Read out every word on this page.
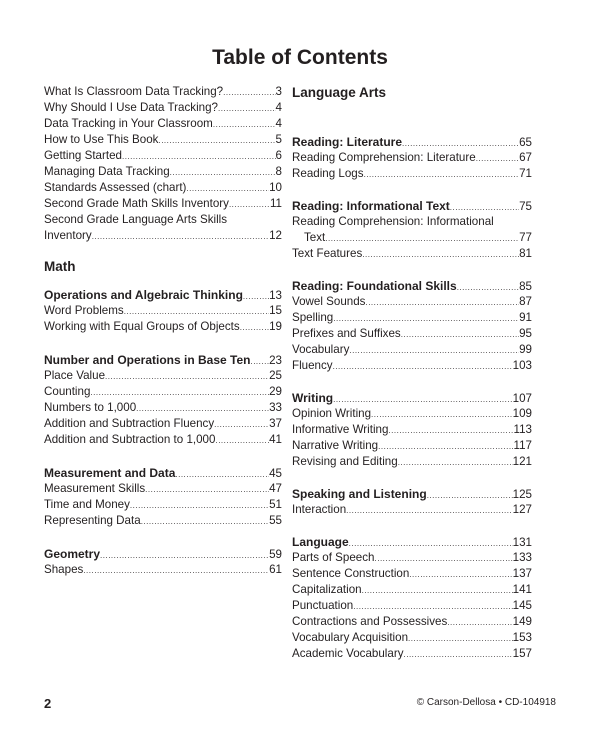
Table of Contents
What Is Classroom Data Tracking? .....	3
Why Should I Use Data Tracking? .....	4
Data Tracking in Your Classroom .....	4
How to Use This Book .....	5
Getting Started .....	6
Managing Data Tracking .....	8
Standards Assessed (chart) .....	10
Second Grade Math Skills Inventory .....	11
Second Grade Language Arts Skills
Inventory .....	12
Math
Operations and Algebraic Thinking ..... 13
Word Problems .....	15
Working with Equal Groups of Objects .....	19
Number and Operations in Base Ten ..... 23
Place Value .....	25
Counting .....	29
Numbers to 1,000 .....	33
Addition and Subtraction Fluency .....	37
Addition and Subtraction to 1,000 .....	41
Measurement and Data .....	45
Measurement Skills .....	47
Time and Money .....	51
Representing Data .....	55
Geometry .....	59
Shapes .....	61
Language Arts
Reading: Literature .....	65
Reading Comprehension: Literature .....	67
Reading Logs .....	71
Reading: Informational Text .....	75
Reading Comprehension: Informational
Text .....	77
Text Features .....	81
Reading: Foundational Skills .....	85
Vowel Sounds .....	87
Spelling .....	91
Prefixes and Suffixes .....	95
Vocabulary .....	99
Fluency .....	103
Writing .....	107
Opinion Writing .....	109
Informative Writing .....	113
Narrative Writing .....	117
Revising and Editing .....	121
Speaking and Listening .....	125
Interaction .....	127
Language .....	131
Parts of Speech .....	133
Sentence Construction .....	137
Capitalization .....	141
Punctuation .....	145
Contractions and Possessives .....	149
Vocabulary Acquisition .....	153
Academic Vocabulary .....	157
2	© Carson-Dellosa • CD-104918
